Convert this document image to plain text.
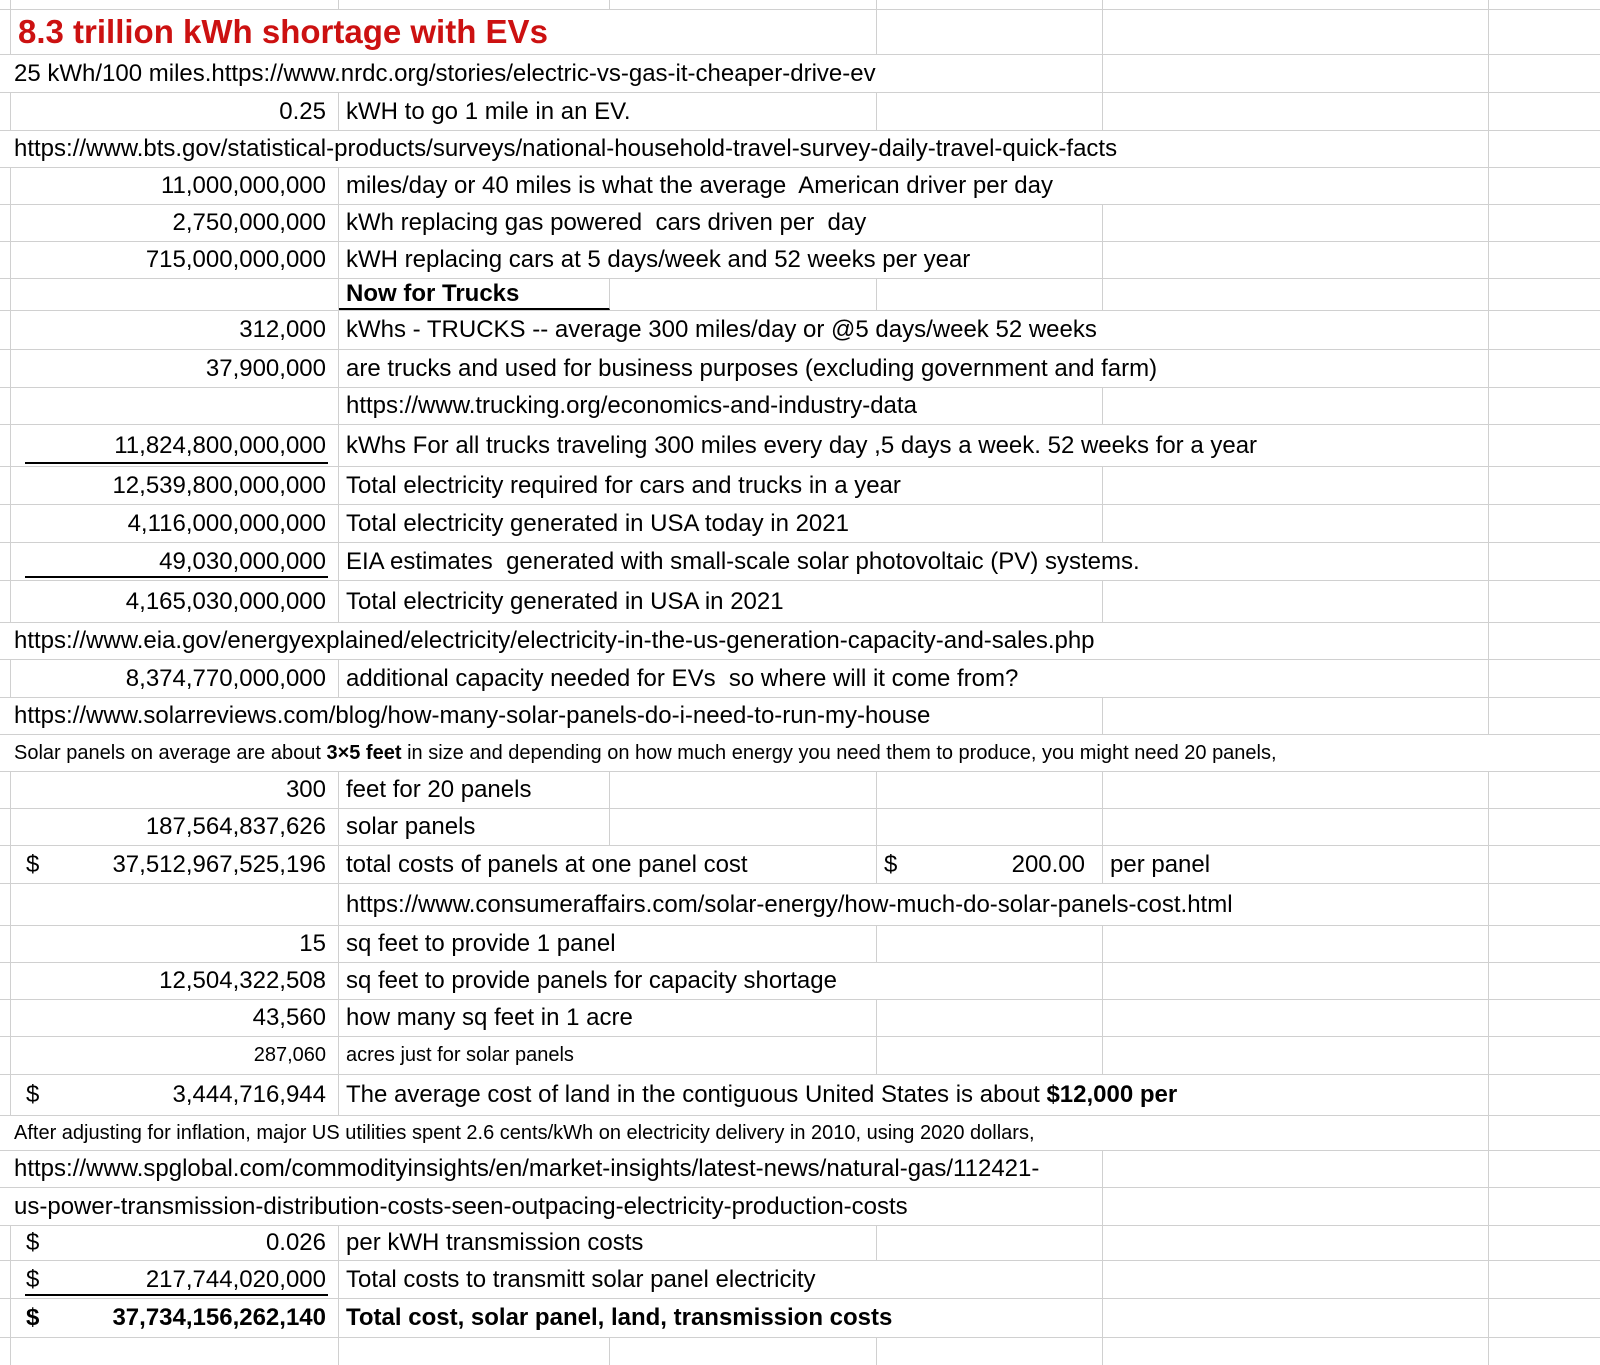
8.3 trillion kWh shortage with EVs
25 kWh/100 miles.https://www.nrdc.org/stories/electric-vs-gas-it-cheaper-drive-ev
0.25 kWH to go 1 mile in an EV.
https://www.bts.gov/statistical-products/surveys/national-household-travel-survey-daily-travel-quick-facts
11,000,000,000 miles/day or 40 miles is what the average  American driver per day
2,750,000,000 kWh replacing gas powered  cars driven per  day
715,000,000,000 kWH replacing cars at 5 days/week and 52 weeks per year
Now for Trucks
312,000 kWhs - TRUCKS -- average 300 miles/day or @5 days/week 52 weeks
37,900,000 are trucks and used for business purposes (excluding government and farm)
https://www.trucking.org/economics-and-industry-data
11,824,800,000,000 kWhs For all trucks traveling 300 miles every day ,5 days a week. 52 weeks for a year
12,539,800,000,000 Total electricity required for cars and trucks in a year
4,116,000,000,000 Total electricity generated in USA today in 2021
49,030,000,000 EIA estimates  generated with small-scale solar photovoltaic (PV) systems.
4,165,030,000,000 Total electricity generated in USA in 2021
https://www.eia.gov/energyexplained/electricity/electricity-in-the-us-generation-capacity-and-sales.php
8,374,770,000,000 additional capacity needed for EVs  so where will it come from?
https://www.solarreviews.com/blog/how-many-solar-panels-do-i-need-to-run-my-house
Solar panels on average are about 3×5 feet in size and depending on how much energy you need them to produce, you might need 20 panels,
300 feet for 20 panels
187,564,837,626 solar panels
$	37,512,967,525,196 total costs of panels at one panel cost	$	200.00 per panel
https://www.consumeraffairs.com/solar-energy/how-much-do-solar-panels-cost.html
15 sq feet to provide 1 panel
12,504,322,508 sq feet to provide panels for capacity shortage
43,560 how many sq feet in 1 acre
287,060 acres just for solar panels
$	3,444,716,944 The average cost of land in the contiguous United States is about $12,000 per
After adjusting for inflation, major US utilities spent 2.6 cents/kWh on electricity delivery in 2010, using 2020 dollars,
https://www.spglobal.com/commodityinsights/en/market-insights/latest-news/natural-gas/112421-
us-power-transmission-distribution-costs-seen-outpacing-electricity-production-costs
$	0.026 per kWH transmission costs
$	217,744,020,000 Total costs to transmitt solar panel electricity
$	37,734,156,262,140 Total cost, solar panel, land, transmission costs
